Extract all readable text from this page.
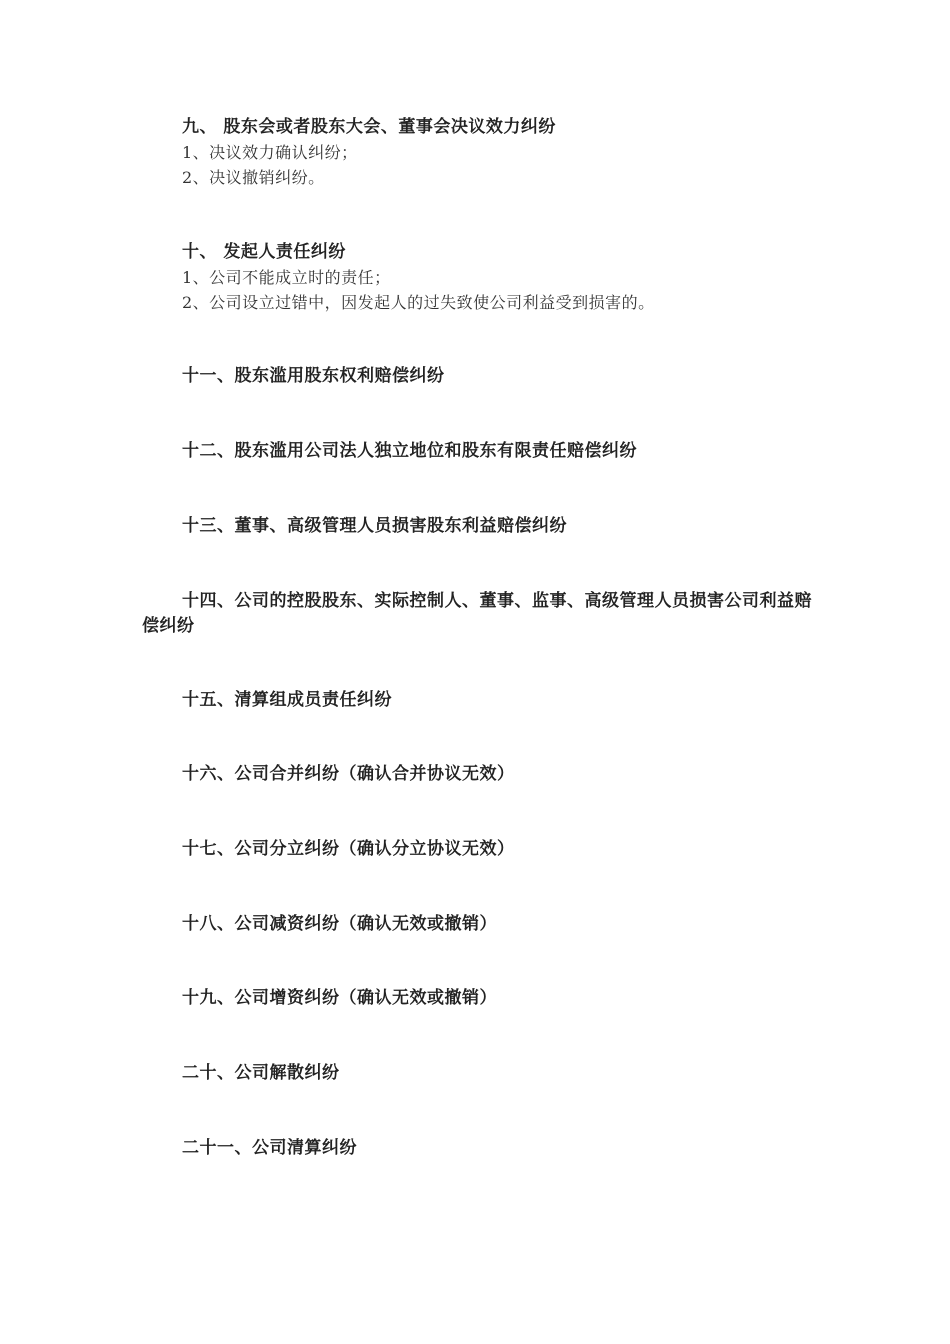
九、 股东会或者股东大会、董事会决议效力纠纷

1、决议效力确认纠纷；

2、决议撤销纠纷。

十、 发起人责任纠纷

1、公司不能成立时的责任；

2、公司设立过错中，因发起人的过失致使公司利益受到损害的。

十一、股东滥用股东权利赔偿纠纷

十二、股东滥用公司法人独立地位和股东有限责任赔偿纠纷

十三、董事、高级管理人员损害股东利益赔偿纠纷

十四、公司的控股股东、实际控制人、董事、监事、高级管理人员损害公司利益赔偿纠纷

十五、清算组成员责任纠纷

十六、公司合并纠纷（确认合并协议无效）

十七、公司分立纠纷（确认分立协议无效）

十八、公司减资纠纷（确认无效或撤销）

十九、公司增资纠纷（确认无效或撤销）

二十、公司解散纠纷

二十一、公司清算纠纷
